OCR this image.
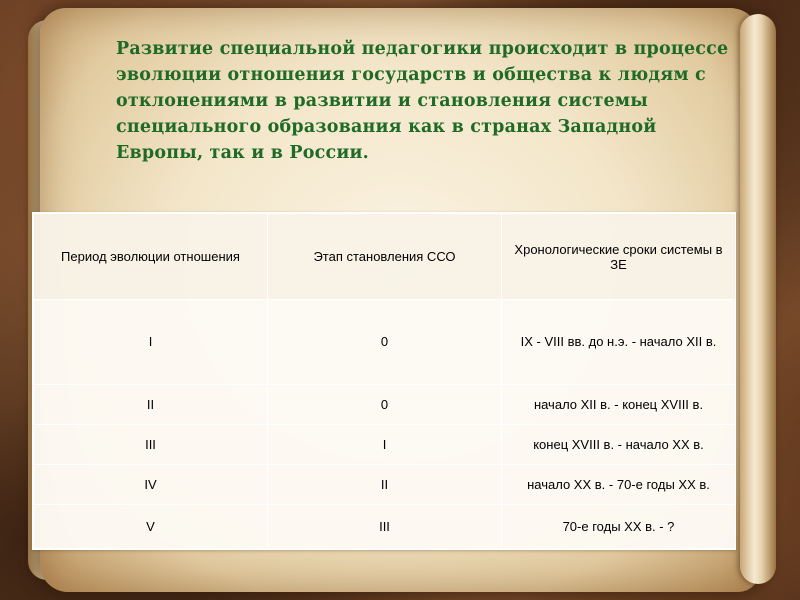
Развитие специальной педагогики происходит в процессе эволюции отношения государств и общества к людям с отклонениями в развитии и становления системы специального образования как в странах Западной Европы, так и в России.

Период эволюции отношения	Этап становления ССО	Хронологические сроки системы в ЗЕ
I	0	IX - VIII вв. до н.э. - начало XII в.
II	0	начало XII в. - конец XVIII в.
III	I	конец XVIII в. - начало XX в.
IV	II	начало XX в. - 70-е годы XX в.
V	III	70-е годы XX в. - ?
